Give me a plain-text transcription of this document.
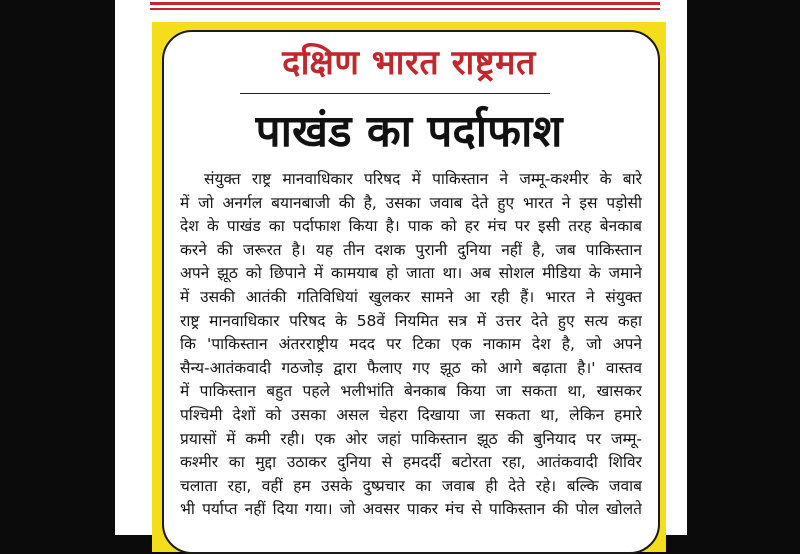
दक्षिण भारत राष्ट्रमत
पाखंड का पर्दाफाश
संयुक्त राष्ट्र मानवाधिकार परिषद में पाकिस्तान ने जम्मू-कश्मीर के बारे
में जो अनर्गल बयानबाजी की है, उसका जवाब देते हुए भारत ने इस पड़ोसी
देश के पाखंड का पर्दाफाश किया है। पाक को हर मंच पर इसी तरह बेनकाब
करने की जरूरत है। यह तीन दशक पुरानी दुनिया नहीं है, जब पाकिस्तान
अपने झूठ को छिपाने में कामयाब हो जाता था। अब सोशल मीडिया के जमाने
में उसकी आतंकी गतिविधियां खुलकर सामने आ रही हैं। भारत ने संयुक्त
राष्ट्र मानवाधिकार परिषद के 58वें नियमित सत्र में उत्तर देते हुए सत्य कहा
कि 'पाकिस्तान अंतरराष्ट्रीय मदद पर टिका एक नाकाम देश है, जो अपने
सैन्य-आतंकवादी गठजोड़ द्वारा फैलाए गए झूठ को आगे बढ़ाता है।' वास्तव
में पाकिस्तान बहुत पहले भलीभांति बेनकाब किया जा सकता था, खासकर
पश्चिमी देशों को उसका असल चेहरा दिखाया जा सकता था, लेकिन हमारे
प्रयासों में कमी रही। एक ओर जहां पाकिस्तान झूठ की बुनियाद पर जम्मू-
कश्मीर का मुद्दा उठाकर दुनिया से हमदर्दी बटोरता रहा, आतंकवादी शिविर
चलाता रहा, वहीं हम उसके दुष्प्रचार का जवाब ही देते रहे। बल्कि जवाब
भी पर्याप्त नहीं दिया गया। जो अवसर पाकर मंच से पाकिस्तान की पोल खोलते
